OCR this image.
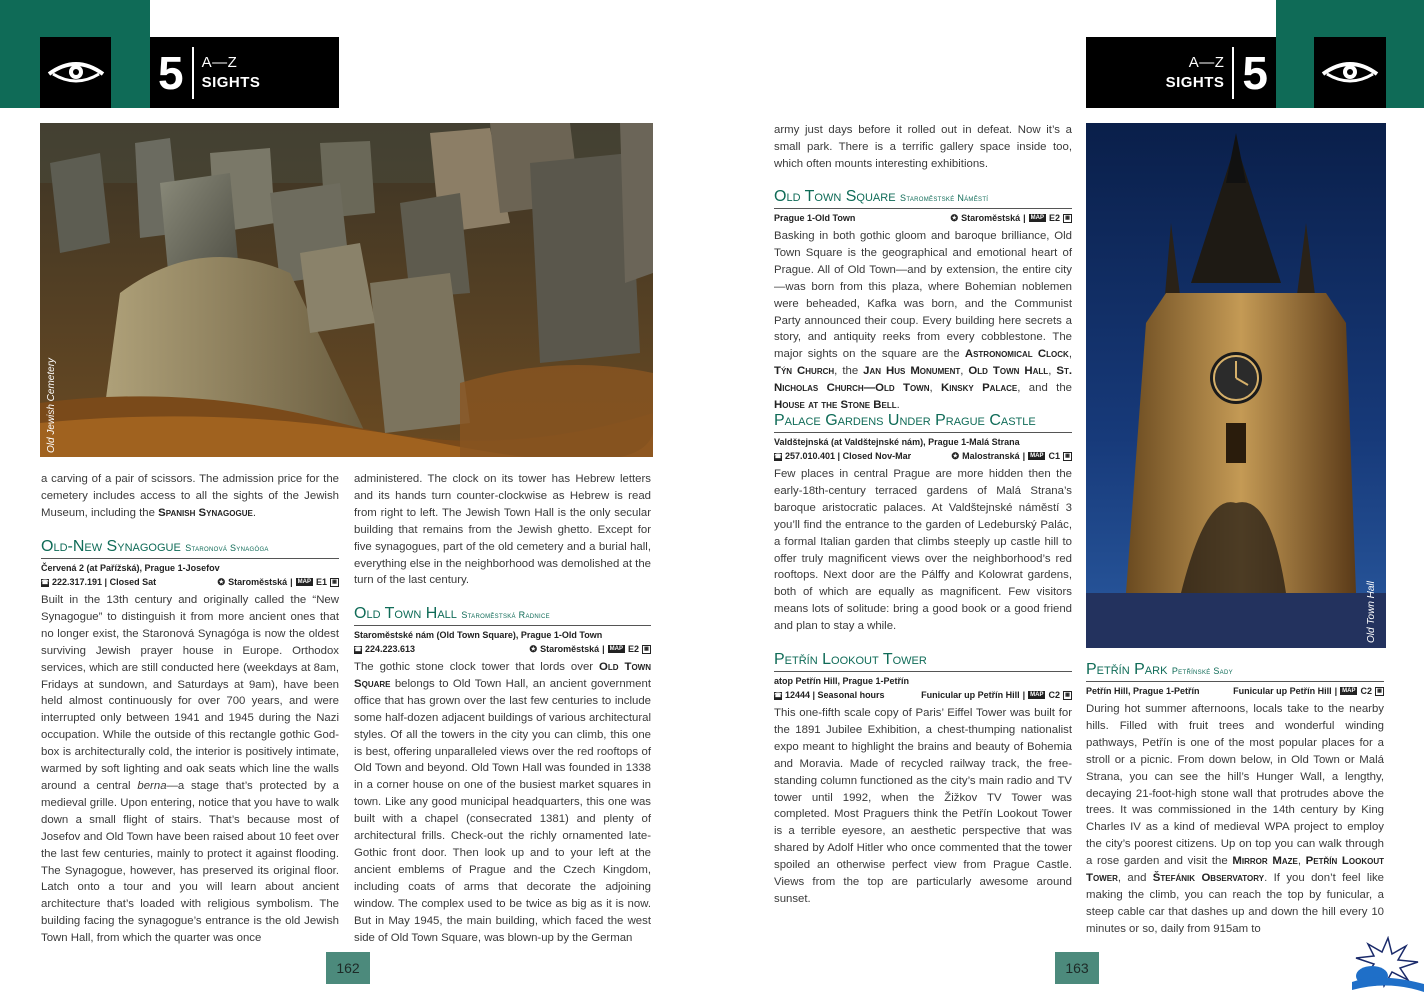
5 A—Z
SIGHTS
A—Z
SIGHTS 5
Old Jewish Cemetery
Old Town Hall

a carving of a pair of scissors. The admission price for the cemetery includes access to all the sights of the Jewish Museum, including the Spanish Synagogue.

Old-New Synagogue Staronová Synagóga
Červená 2 (at Pařížská), Prague 1-Josefov
☎ 222.317.191 | Closed Sat	✪ Staroměstská | MAP E1	▦

Built in the 13th century and originally called the “New Synagogue” to distinguish it from more ancient ones that no longer exist, the Staronová Synagóga is now the oldest surviving Jewish prayer house in Europe. Orthodox services, which are still conducted here (weekdays at 8am, Fridays at sundown, and Saturdays at 9am), have been held almost continuously for over 700 years, and were interrupted only between 1941 and 1945 during the Nazi occupation. While the outside of this rectangle gothic God-box is architecturally cold, the interior is positively intimate, warmed by soft lighting and oak seats which line the walls around a central berna—a stage that’s protected by a medieval grille. Upon entering, notice that you have to walk down a small flight of stairs. That’s because most of Josefov and Old Town have been raised about 10 feet over the last few centuries, mainly to protect it against flooding. The Synagogue, however, has preserved its original floor. Latch onto a tour and you will learn about ancient architecture that’s loaded with religious symbolism. The building facing the synagogue’s entrance is the old Jewish Town Hall, from which the quarter was once

administered. The clock on its tower has Hebrew letters and its hands turn counter-clockwise as Hebrew is read from right to left. The Jewish Town Hall is the only secular building that remains from the Jewish ghetto. Except for five synagogues, part of the old cemetery and a burial hall, everything else in the neighborhood was demolished at the turn of the last century.

Old Town Hall Staroměstská Radnice
Staroměstské nám (Old Town Square), Prague 1-Old Town
☎ 224.223.613	✪ Staroměstská | MAP E2	▦

The gothic stone clock tower that lords over Old Town Square belongs to Old Town Hall, an ancient government office that has grown over the last few centuries to include some half-dozen adjacent buildings of various architectural styles. Of all the towers in the city you can climb, this one is best, offering unparalleled views over the red rooftops of Old Town and beyond. Old Town Hall was founded in 1338 in a corner house on one of the busiest market squares in town. Like any good municipal headquarters, this one was built with a chapel (consecrated 1381) and plenty of architectural frills. Check-out the richly ornamented late-Gothic front door. Then look up and to your left at the ancient emblems of Prague and the Czech Kingdom, including coats of arms that decorate the adjoining window. The complex used to be twice as big as it is now. But in May 1945, the main building, which faced the west side of Old Town Square, was blown-up by the German

army just days before it rolled out in defeat. Now it’s a small park. There is a terrific gallery space inside too, which often mounts interesting exhibitions.

Old Town Square Staroměstské Náměstí
Prague 1-Old Town	✪ Staroměstská | MAP E2	▦

Basking in both gothic gloom and baroque brilliance, Old Town Square is the geographical and emotional heart of Prague. All of Old Town—and by extension, the entire city—was born from this plaza, where Bohemian noblemen were beheaded, Kafka was born, and the Communist Party announced their coup. Every building here secrets a story, and antiquity reeks from every cobblestone. The major sights on the square are the Astronomical Clock, Týn Church, the Jan Hus Monument, Old Town Hall, St. Nicholas Church—Old Town, Kinsky Palace, and the House at the Stone Bell.

Palace Gardens Under Prague Castle
Valdštejnská (at Valdštejnské nám), Prague 1-Malá Strana
☎ 257.010.401 | Closed Nov-Mar	✪ Malostranská | MAP C1	▦

Few places in central Prague are more hidden then the early-18th-century terraced gardens of Malá Strana’s baroque aristocratic palaces. At Valdštejnské náměstí 3 you’ll find the entrance to the garden of Ledeburský Palác, a formal Italian garden that climbs steeply up castle hill to offer truly magnificent views over the neighborhood’s red rooftops. Next door are the Pálffy and Kolowrat gardens, both of which are equally as magnificent. Few visitors means lots of solitude: bring a good book or a good friend and plan to stay a while.

Petřín Lookout Tower
atop Petřín Hill, Prague 1-Petřín
☎ 12444 | Seasonal hours	Funicular up Petřín Hill | MAP C2	▦

This one-fifth scale copy of Paris’ Eiffel Tower was built for the 1891 Jubilee Exhibition, a chest-thumping nationalist expo meant to highlight the brains and beauty of Bohemia and Moravia. Made of recycled railway track, the free-standing column functioned as the city’s main radio and TV tower until 1992, when the Žižkov TV Tower was completed. Most Praguers think the Petřín Lookout Tower is a terrible eyesore, an aesthetic perspective that was shared by Adolf Hitler who once commented that the tower spoiled an otherwise perfect view from Prague Castle. Views from the top are particularly awesome around sunset.

Petřín Park Petřínské Sady
Petřín Hill, Prague 1-Petřín	Funicular up Petřín Hill | MAP C2	▦

During hot summer afternoons, locals take to the nearby hills. Filled with fruit trees and wonderful winding pathways, Petřín is one of the most popular places for a stroll or a picnic. From down below, in Old Town or Malá Strana, you can see the hill’s Hunger Wall, a lengthy, decaying 21-foot-high stone wall that protrudes above the trees. It was commissioned in the 14th century by King Charles IV as a kind of medieval WPA project to employ the city’s poorest citizens. Up on top you can walk through a rose garden and visit the Mirror Maze, Petřín Lookout Tower, and Štefánik Observatory. If you don’t feel like making the climb, you can reach the top by funicular, a steep cable car that dashes up and down the hill every 10 minutes or so, daily from 915am to

162	163
